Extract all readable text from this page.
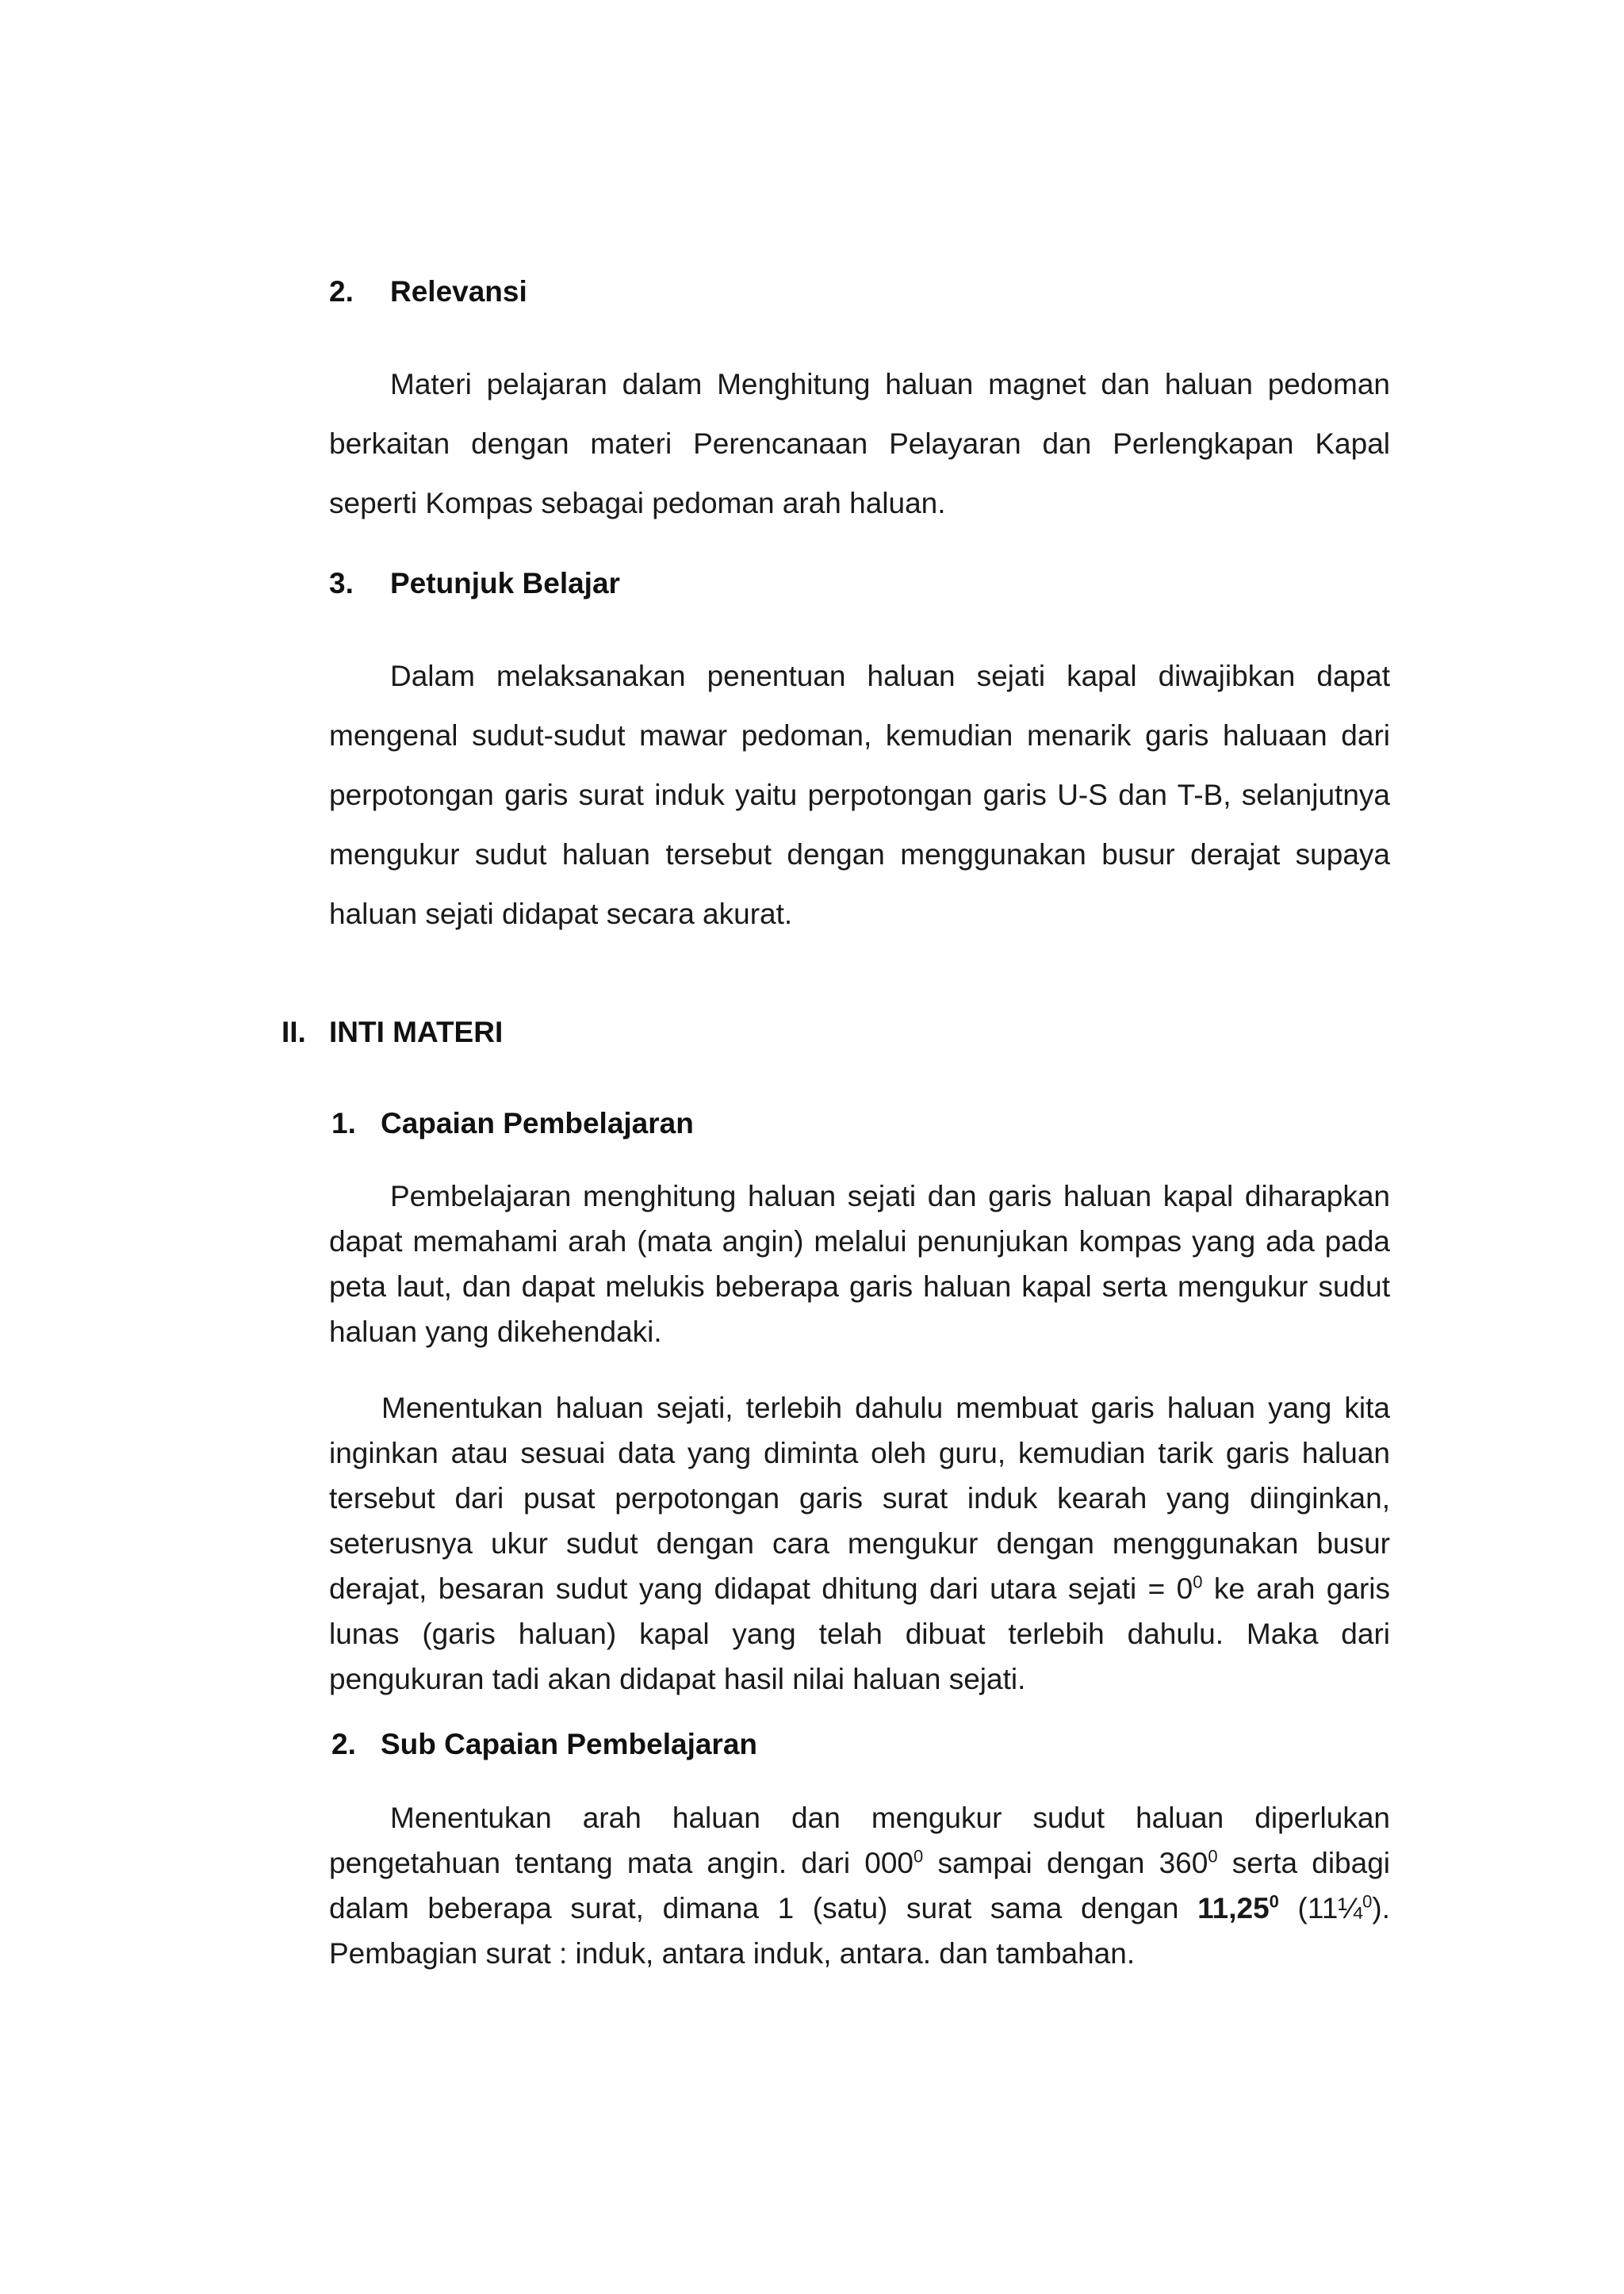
2. Relevansi
Materi pelajaran dalam Menghitung haluan magnet dan haluan pedoman berkaitan dengan materi Perencanaan Pelayaran dan Perlengkapan Kapal seperti Kompas sebagai pedoman arah haluan.
3. Petunjuk Belajar
Dalam melaksanakan penentuan haluan sejati kapal diwajibkan dapat mengenal sudut-sudut mawar pedoman, kemudian menarik garis haluaan dari perpotongan garis surat induk yaitu perpotongan garis U-S dan T-B, selanjutnya mengukur sudut haluan tersebut dengan menggunakan busur derajat supaya haluan sejati didapat secara akurat.
II. INTI MATERI
1. Capaian Pembelajaran
Pembelajaran menghitung haluan sejati dan garis haluan kapal diharapkan dapat memahami arah (mata angin) melalui penunjukan kompas yang ada pada peta laut, dan dapat melukis beberapa garis haluan kapal serta mengukur sudut haluan yang dikehendaki.
Menentukan haluan sejati, terlebih dahulu membuat garis haluan yang kita inginkan atau sesuai data yang diminta oleh guru, kemudian tarik garis haluan tersebut dari pusat perpotongan garis surat induk kearah yang diinginkan, seterusnya ukur sudut dengan cara mengukur dengan menggunakan busur derajat, besaran sudut yang didapat dhitung dari utara sejati = $0^0$ ke arah garis lunas (garis haluan) kapal yang telah dibuat terlebih dahulu. Maka dari pengukuran tadi akan didapat hasil nilai haluan sejati.
2. Sub Capaian Pembelajaran
Menentukan arah haluan dan mengukur sudut haluan diperlukan pengetahuan tentang mata angin. dari $000^0$ sampai dengan $360^0$ serta dibagi dalam beberapa surat, dimana 1 (satu) surat sama dengan 11,25$^0$ (11¼$^0$). Pembagian surat : induk, antara induk, antara. dan tambahan.
